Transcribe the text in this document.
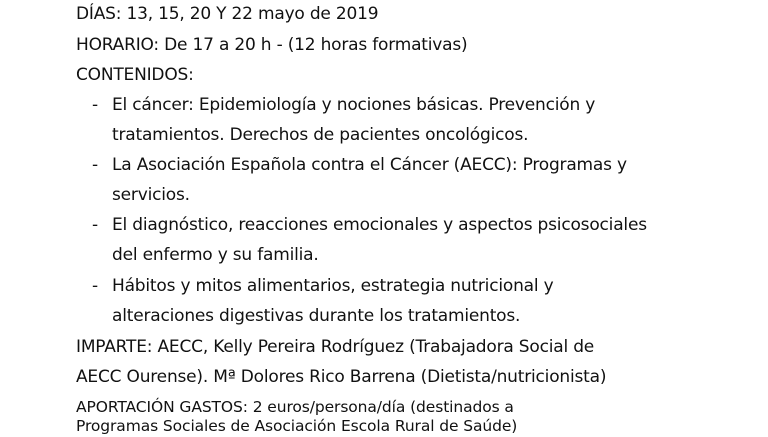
DÍAS: 13, 15, 20 Y 22 mayo de 2019
HORARIO: De 17 a 20 h - (12 horas formativas)
CONTENIDOS:
- El cáncer: Epidemiología y nociones básicas. Prevención y
tratamientos. Derechos de pacientes oncológicos.
- La Asociación Española contra el Cáncer (AECC): Programas y
servicios.
- El diagnóstico, reacciones emocionales y aspectos psicosociales
del enfermo y su familia.
- Hábitos y mitos alimentarios, estrategia nutricional y
alteraciones digestivas durante los tratamientos.
IMPARTE: AECC, Kelly Pereira Rodríguez (Trabajadora Social de
AECC Ourense). Mª Dolores Rico Barrena (Dietista/nutricionista)
APORTACIÓN GASTOS: 2 euros/persona/día (destinados a
Programas Sociales de Asociación Escola Rural de Saúde)
